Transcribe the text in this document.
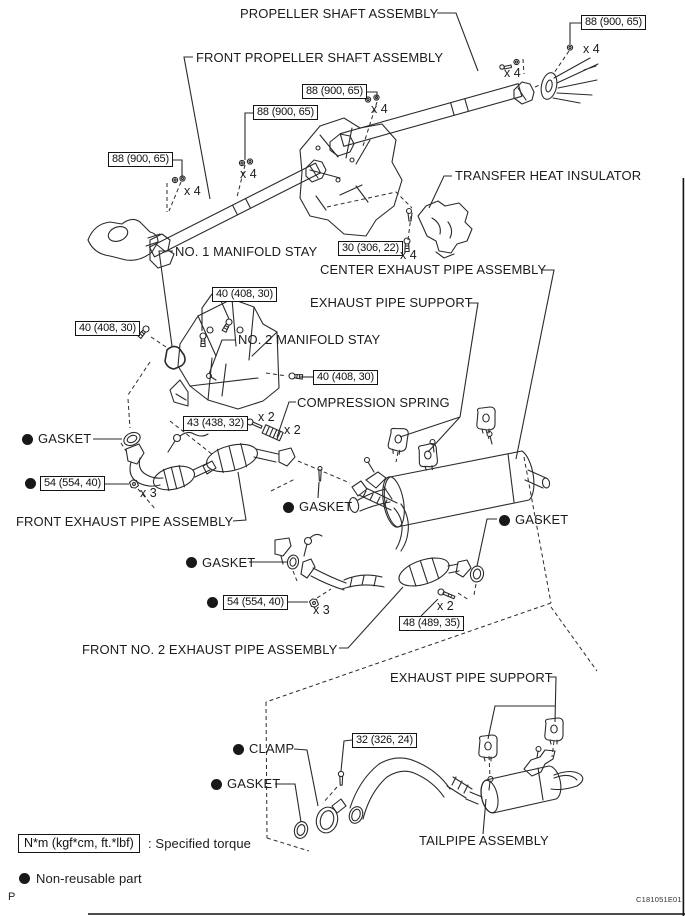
PROPELLER SHAFT ASSEMBLY
FRONT PROPELLER SHAFT ASSEMBLY
TRANSFER HEAT INSULATOR
NO. 1 MANIFOLD STAY
CENTER EXHAUST PIPE ASSEMBLY
EXHAUST PIPE SUPPORT
NO. 2 MANIFOLD STAY
COMPRESSION SPRING
GASKET
FRONT EXHAUST PIPE ASSEMBLY
GASKET
GASKET
FRONT NO. 2 EXHAUST PIPE ASSEMBLY
GASKET
EXHAUST PIPE SUPPORT
CLAMP
GASKET
TAILPIPE ASSEMBLY
88 (900, 65)
88 (900, 65)
88 (900, 65)
88 (900, 65)
30 (306, 22)
40 (408, 30)
40 (408, 30)
40 (408, 30)
43 (438, 32)
54 (554, 40)
54 (554, 40)
48 (489, 35)
32 (326, 24)
x 4
x 4
x 4
x 4
x 4
x 4
x 2
x 2
x 3
x 3	x 2
N*m (kgf*cm, ft.*lbf)	: Specified torque
Non-reusable part
P	C181051E01
